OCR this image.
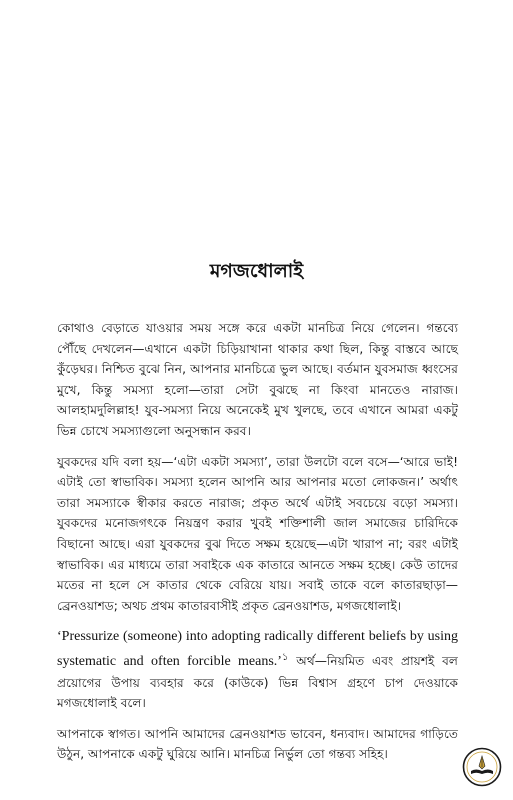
মগজধোলাই

কোথাও বেড়াতে যাওয়ার সময় সঙ্গে করে একটা মানচিত্র নিয়ে গেলেন। গন্তব্যে পৌঁছে দেখলেন—এখানে একটা চিড়িয়াখানা থাকার কথা ছিল, কিন্তু বাস্তবে আছে কুঁড়েঘর। নিশ্চিত বুঝে নিন, আপনার মানচিত্রে ভুল আছে। বর্তমান যুবসমাজ ধ্বংসের মুখে, কিন্তু সমস্যা হলো—তারা সেটা বুঝছে না কিংবা মানতেও নারাজ। আলহামদুলিল্লাহ! যুব-সমস্যা নিয়ে অনেকেই মুখ খুলছে, তবে এখানে আমরা একটু ভিন্ন চোখে সমস্যাগুলো অনুসন্ধান করব।

যুবকদের যদি বলা হয়—‘এটা একটা সমস্যা’, তারা উলটো বলে বসে—‘আরে ভাই! এটাই তো স্বাভাবিক। সমস্যা হলেন আপনি আর আপনার মতো লোকজন।’ অর্থাৎ তারা সমস্যাকে স্বীকার করতে নারাজ; প্রকৃত অর্থে এটাই সবচেয়ে বড়ো সমস্যা। যুবকদের মনোজগৎকে নিয়ন্ত্রণ করার খুবই শক্তিশালী জাল সমাজের চারিদিকে বিছানো আছে। এরা যুবকদের বুঝ দিতে সক্ষম হয়েছে—এটা খারাপ না; বরং এটাই স্বাভাবিক। এর মাধ্যমে তারা সবাইকে এক কাতারে আনতে সক্ষম হচ্ছে। কেউ তাদের মতের না হলে সে কাতার থেকে বেরিয়ে যায়। সবাই তাকে বলে কাতারছাড়া—ব্রেনওয়াশড; অথচ প্রথম কাতারবাসীই প্রকৃত ব্রেনওয়াশড, মগজধোলাই।

‘Pressurize (someone) into adopting radically different beliefs by using systematic and often forcible means.’$^১$ অর্থ—নিয়মিত এবং প্রায়শই বল প্রয়োগের উপায় ব্যবহার করে (কাউকে) ভিন্ন বিশ্বাস গ্রহণে চাপ দেওয়াকে মগজধোলাই বলে।

আপনাকে স্বাগত। আপনি আমাদের ব্রেনওয়াশড ভাবেন, ধন্যবাদ। আমাদের গাড়িতে উঠুন, আপনাকে একটু ঘুরিয়ে আনি। মানচিত্র নির্ভুল তো গন্তব্য সহিহ।
